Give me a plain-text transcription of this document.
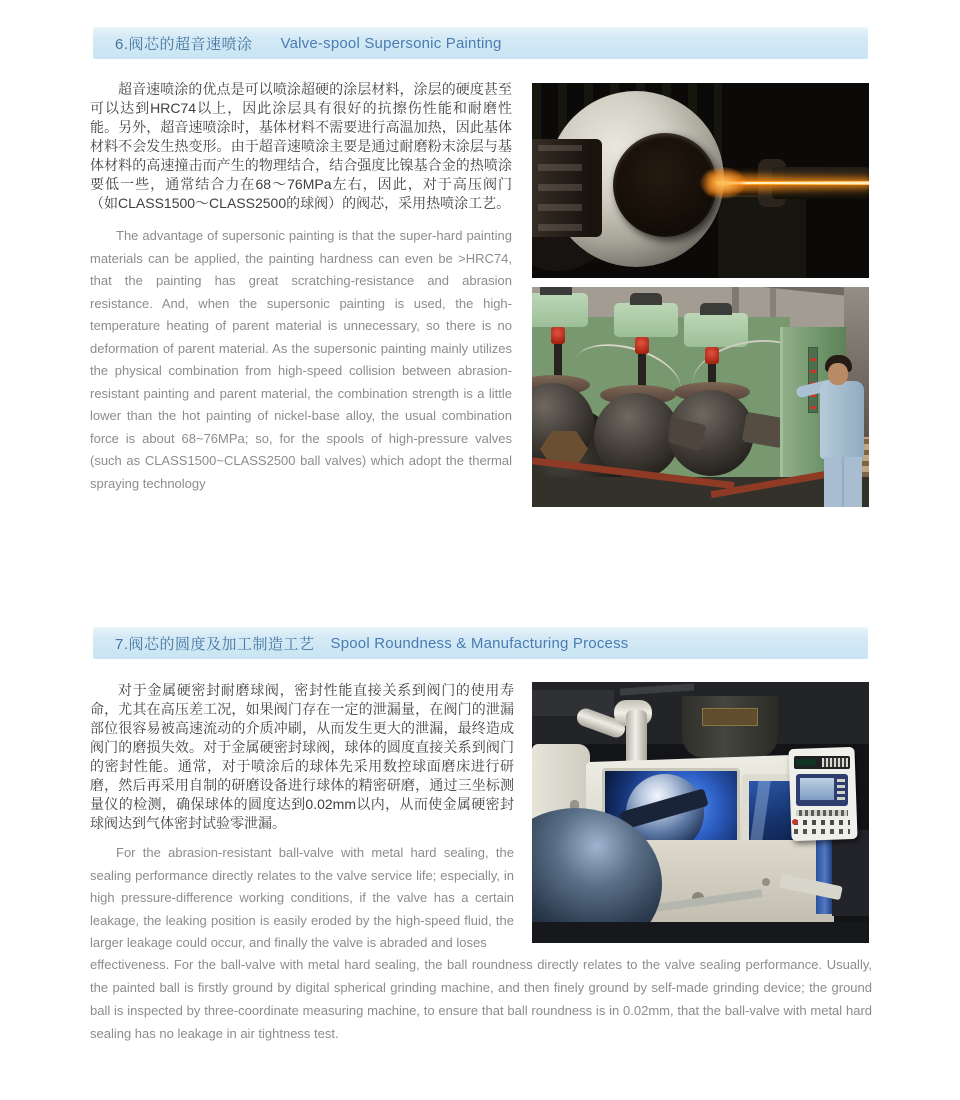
6.阀芯的超音速喷涂 Valve-spool Supersonic Painting

超音速喷涂的优点是可以喷涂超硬的涂层材料，涂层的硬度甚至可以达到HRC74以上，因此涂层具有很好的抗擦伤性能和耐磨性能。另外，超音速喷涂时，基体材料不需要进行高温加热，因此基体材料不会发生热变形。由于超音速喷涂主要是通过耐磨粉末涂层与基体材料的高速撞击而产生的物理结合，结合强度比镍基合金的热喷涂要低一些，通常结合力在68～76MPa左右，因此，对于高压阀门（如CLASS1500～CLASS2500的球阀）的阀芯，采用热喷涂工艺。

The advantage of supersonic painting is that the super-hard painting materials can be applied, the painting hardness can even be >HRC74, that the painting has great scratching-resistance and abrasion resistance. And, when the supersonic painting is used, the high-temperature heating of parent material is unnecessary, so there is no deformation of parent material. As the supersonic painting mainly utilizes the physical combination from high-speed collision between abrasion-resistant painting and parent material, the combination strength is a little lower than the hot painting of nickel-base alloy, the usual combination force is about 68~76MPa; so, for the spools of high-pressure valves (such as CLASS1500~CLASS2500 ball valves) which adopt the thermal spraying technology

7.阀芯的圆度及加工制造工艺 Spool Roundness & Manufacturing Process

对于金属硬密封耐磨球阀，密封性能直接关系到阀门的使用寿命，尤其在高压差工况，如果阀门存在一定的泄漏量，在阀门的泄漏部位很容易被高速流动的介质冲刷，从而发生更大的泄漏，最终造成阀门的磨损失效。对于金属硬密封球阀，球体的圆度直接关系到阀门的密封性能。通常，对于喷涂后的球体先采用数控球面磨床进行研磨，然后再采用自制的研磨设备进行球体的精密研磨，通过三坐标测量仪的检测，确保球体的圆度达到0.02mm以内，从而使金属硬密封球阀达到气体密封试验零泄漏。

For the abrasion-resistant ball-valve with metal hard sealing, the sealing performance directly relates to the valve service life; especially, in high pressure-difference working conditions, if the valve has a certain leakage, the leaking position is easily eroded by the high-speed fluid, the larger leakage could occur, and finally the valve is abraded and loses

effectiveness. For the ball-valve with metal hard sealing, the ball roundness directly relates to the valve sealing performance. Usually, the painted ball is firstly ground by digital spherical grinding machine, and then finely ground by self-made grinding device; the ground ball is inspected by three-coordinate measuring machine, to ensure that ball roundness is in 0.02mm, that the ball-valve with metal hard sealing has no leakage in air tightness test.
